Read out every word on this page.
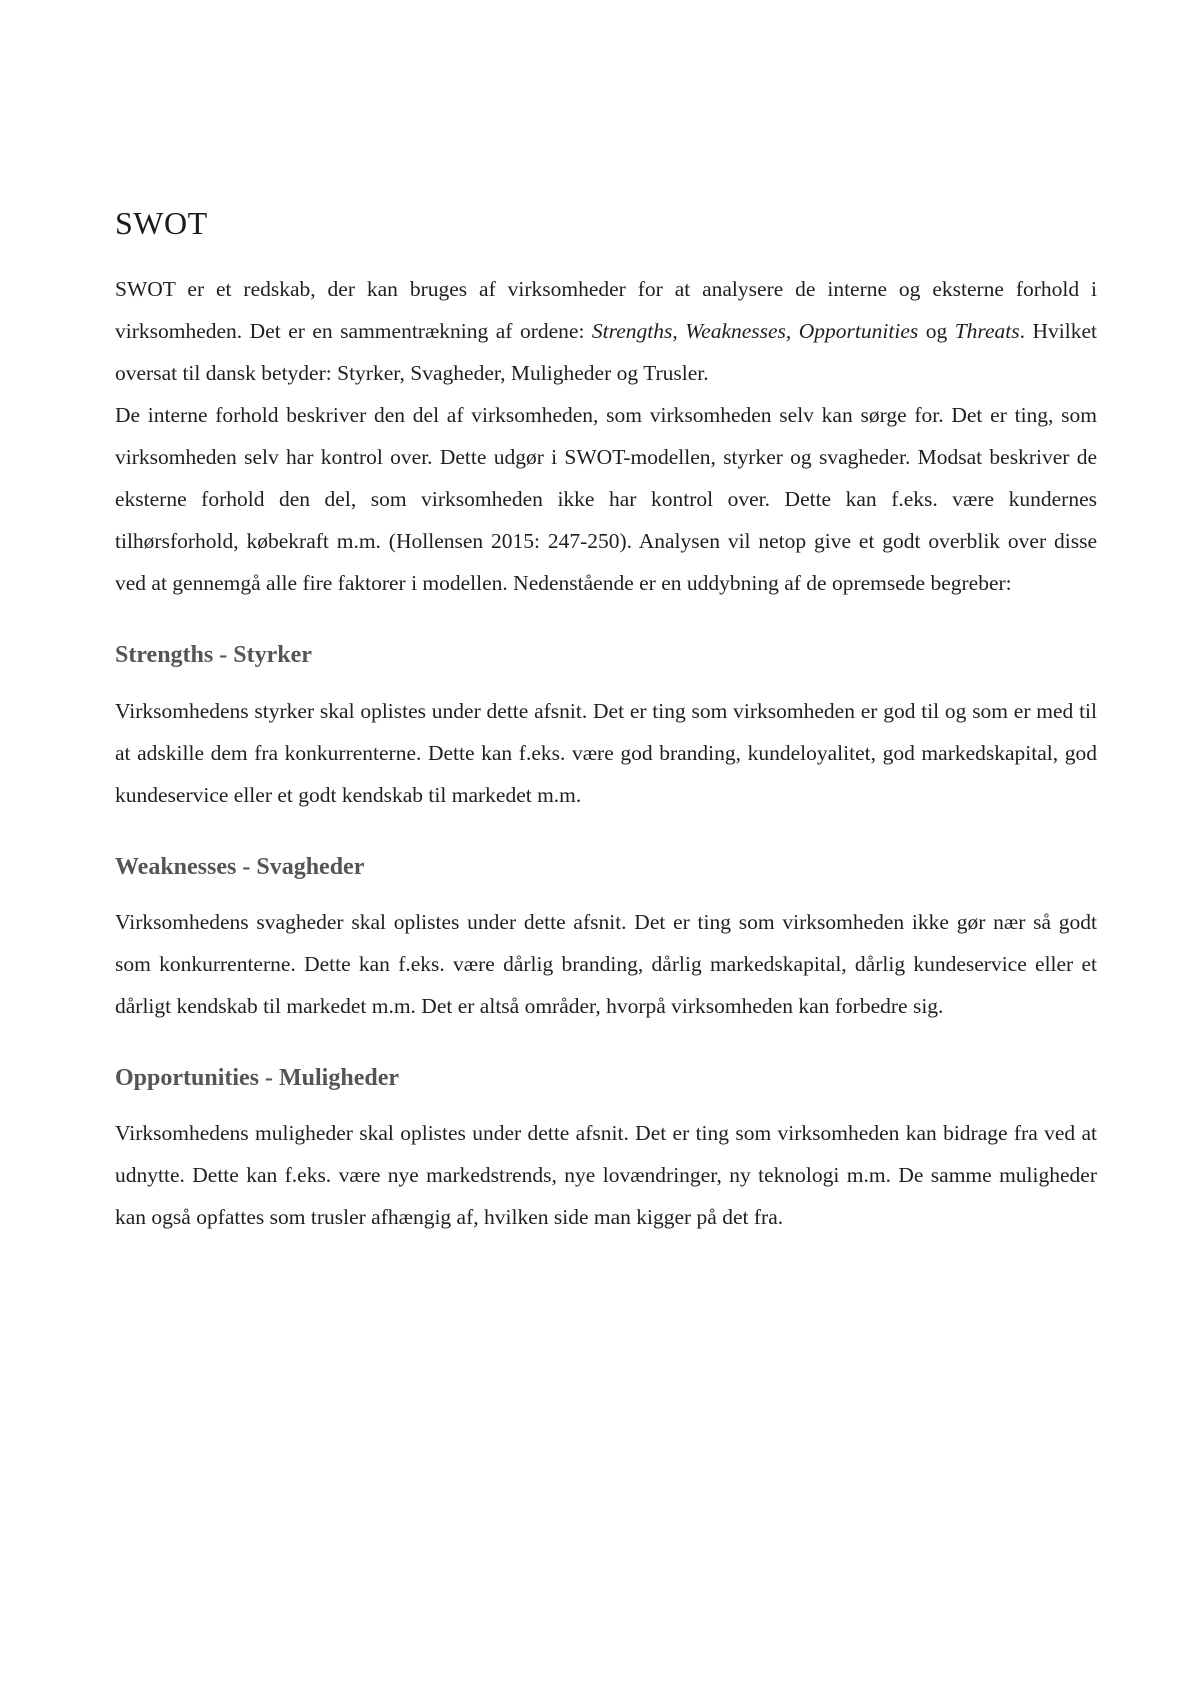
SWOT

SWOT er et redskab, der kan bruges af virksomheder for at analysere de interne og eksterne forhold i virksomheden. Det er en sammentrækning af ordene: Strengths, Weaknesses, Opportunities og Threats. Hvilket oversat til dansk betyder: Styrker, Svagheder, Muligheder og Trusler.

De interne forhold beskriver den del af virksomheden, som virksomheden selv kan sørge for. Det er ting, som virksomheden selv har kontrol over. Dette udgør i SWOT-modellen, styrker og svagheder. Modsat beskriver de eksterne forhold den del, som virksomheden ikke har kontrol over. Dette kan f.eks. være kundernes tilhørsforhold, købekraft m.m. (Hollensen 2015: 247-250). Analysen vil netop give et godt overblik over disse ved at gennemgå alle fire faktorer i modellen. Nedenstående er en uddybning af de opremsede begreber:

Strengths - Styrker

Virksomhedens styrker skal oplistes under dette afsnit. Det er ting som virksomheden er god til og som er med til at adskille dem fra konkurrenterne. Dette kan f.eks. være god branding, kundeloyalitet, god markedskapital, god kundeservice eller et godt kendskab til markedet m.m.

Weaknesses - Svagheder

Virksomhedens svagheder skal oplistes under dette afsnit. Det er ting som virksomheden ikke gør nær så godt som konkurrenterne. Dette kan f.eks. være dårlig branding, dårlig markedskapital, dårlig kundeservice eller et dårligt kendskab til markedet m.m. Det er altså områder, hvorpå virksomheden kan forbedre sig.

Opportunities - Muligheder

Virksomhedens muligheder skal oplistes under dette afsnit. Det er ting som virksomheden kan bidrage fra ved at udnytte. Dette kan f.eks. være nye markedstrends, nye lovændringer, ny teknologi m.m. De samme muligheder kan også opfattes som trusler afhængig af, hvilken side man kigger på det fra.
